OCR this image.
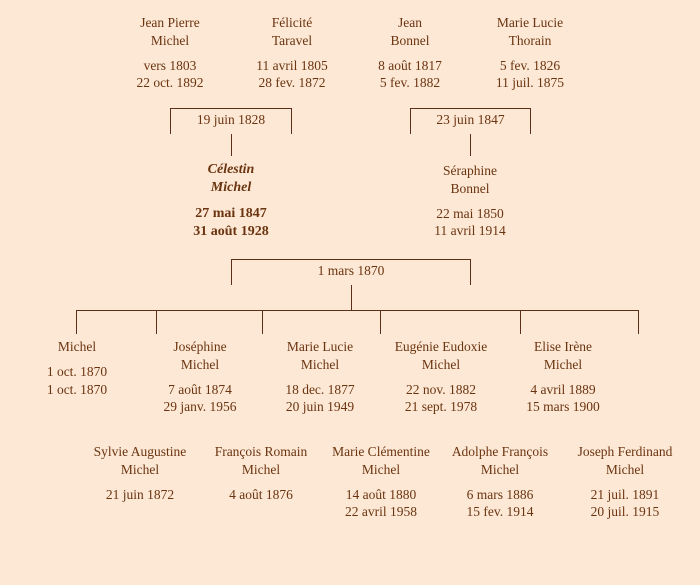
Jean Pierre
Michel
vers 1803
22 oct. 1892
Félicité
Taravel
11 avril 1805
28 fev. 1872
Jean
Bonnel
8 août 1817
5 fev. 1882
Marie Lucie
Thorain
5 fev. 1826
11 juil. 1875
19 juin 1828	23 juin 1847
Célestin
Michel
27 mai 1847
31 août 1928
Séraphine
Bonnel
22 mai 1850
11 avril 1914
1 mars 1870
Michel
1 oct. 1870
1 oct. 1870
Joséphine
Michel
7 août 1874
29 janv. 1956
Marie Lucie
Michel
18 dec. 1877
20 juin 1949
Eugénie Eudoxie
Michel
22 nov. 1882
21 sept. 1978
Elise Irène
Michel
4 avril 1889
15 mars 1900
Sylvie Augustine
Michel
21 juin 1872
François Romain
Michel
4 août 1876
Marie Clémentine
Michel
14 août 1880
22 avril 1958
Adolphe François
Michel
6 mars 1886
15 fev. 1914
Joseph Ferdinand
Michel
21 juil. 1891
20 juil. 1915
